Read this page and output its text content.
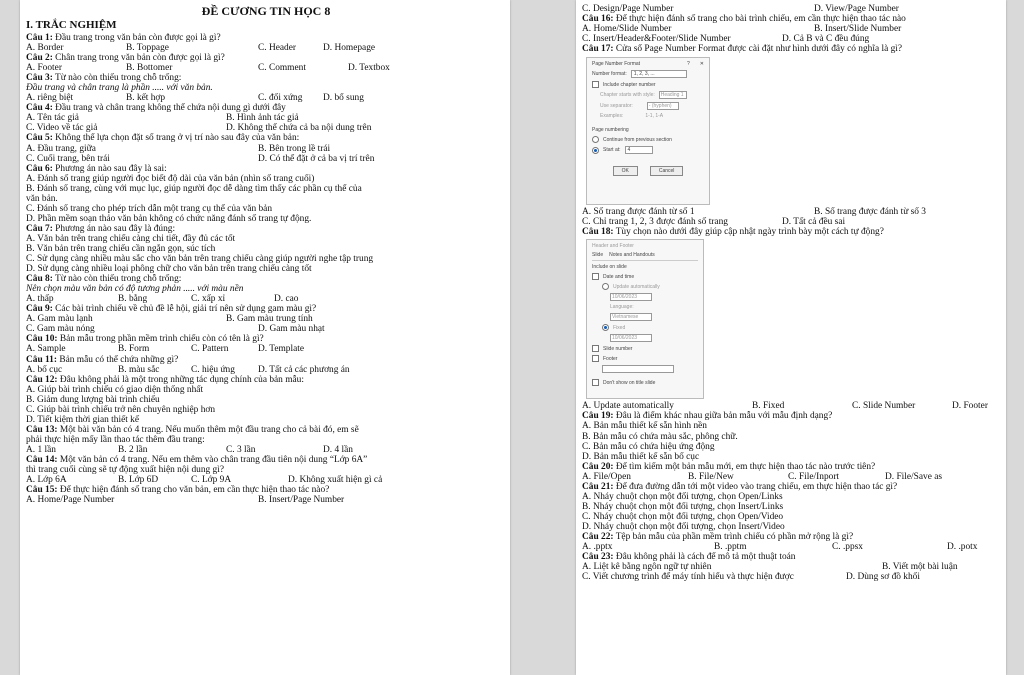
ĐỀ CƯƠNG TIN HỌC 8
I. TRẮC NGHIỆM
Câu 1: Đầu trang trong văn bản còn được gọi là gì?
A. Border	B. Toppage	C. Header	D. Homepage
Câu 2: Chân trang trong văn bản còn được gọi là gì?
A. Footer	B. Bottomer	C. Comment	D. Textbox
Câu 3: Từ nào còn thiếu trong chỗ trống:
Đầu trang và chân trang là phần ..... với văn bản.
A. riêng biệt	B. kết hợp	C. đối xứng D. bổ sung
Câu 4: Đầu trang và chân trang không thể chứa nội dung gì dưới đây
A. Tên tác giả	B. Hình ảnh tác giả
C. Video về tác giả	D. Không thể chứa cả ba nội dung trên
Câu 5: Không thể lựa chọn đặt số trang ở vị trí nào sau đây của văn bản:
A. Đầu trang, giữa	B. Bên trong lề trái
C. Cuối trang, bên trái	D. Có thể đặt ở cả ba vị trí trên
Câu 6: Phương án nào sau đây là sai:
A. Đánh số trang giúp người đọc biết độ dài của văn bản (nhìn số trang cuối)
B. Đánh số trang, cùng với mục lục, giúp người đọc dễ dàng tìm thấy các phần cụ thể của
văn bản.
C. Đánh số trang cho phép trích dẫn một trang cụ thể của văn bản
D. Phần mềm soạn thảo văn bản không có chức năng đánh số trang tự động.
Câu 7: Phương án nào sau đây là đúng:
A. Văn bản trên trang chiếu càng chi tiết, đầy đủ các tốt
B. Văn bản trên trang chiếu cần ngắn gọn, súc tích
C. Sử dụng càng nhiều màu sắc cho văn bản trên trang chiếu càng giúp người nghe tập trung
D. Sử dụng càng nhiều loại phông chữ cho văn bản trên trang chiếu càng tốt
Câu 8: Từ nào còn thiếu trong chỗ trống:
Nên chọn màu văn bản có độ tương phản ..... với màu nền
A. thấp	B. bằng	C. xấp xỉ	D. cao
Câu 9: Các bài trình chiếu về chủ đề lễ hội, giải trí nên sử dụng gam màu gì?
A. Gam màu lạnh	B. Gam màu trung tính
C. Gam màu nóng	D. Gam màu nhạt
Câu 10: Bản mẫu trong phần mềm trình chiếu còn có tên là gì?
A. Sample	B. Form	C. Pattern	D. Template
Câu 11: Bản mẫu có thể chứa những gì?
A. bố cục	B. màu sắc	C. hiệu ứng D. Tất cả các phương án
Câu 12: Đâu không phải là một trong những tác dụng chính của bản mẫu:
A. Giúp bài trình chiếu có giao diện thống nhất
B. Giảm dung lượng bài trình chiếu
C. Giúp bài trình chiếu trở nên chuyên nghiệp hơn
D. Tiết kiệm thời gian thiết kế
Câu 13: Một bài văn bản có 4 trang. Nếu muốn thêm một đầu trang cho cả bài đó, em sẽ
phải thực hiện mấy lần thao tác thêm đầu trang:
A. 1 lần	B. 2 lần	C. 3 lần	D. 4 lần
Câu 14: Một văn bản có 4 trang. Nếu em thêm vào chân trang đầu tiên nội dung “Lớp 6A”
thì trang cuối cùng sẽ tự động xuất hiện nội dung gì?
A. Lớp 6A	B. Lớp 6D	C. Lớp 9A	D. Không xuất hiện gì cả
Câu 15: Để thực hiện đánh số trang cho văn bản, em cần thực hiện thao tác nào?
A. Home/Page Number	B. Insert/Page Number
C. Design/Page Number	D. View/Page Number
Câu 16: Để thực hiện đánh số trang cho bài trình chiếu, em cần thực hiện thao tác nào
A. Home/Slide Number	B. Insert/Slide Number
C. Insert/Header&Footer/Slide Number	D. Cả B và C đều đúng
Câu 17: Cửa sổ Page Number Format được cài đặt như hình dưới đây có nghĩa là gì?
Page Number Format	? ✕
Number format:	1, 2, 3, ...
Include chapter number
Chapter starts with style:	Heading 1
Use separator:	- (hyphen)
Examples:	1-1, 1-A
Page numbering
Continue from previous section
Start at:	4
OK	Cancel
A. Số trang được đánh từ số 1	B. Số trang được đánh từ số 3
C. Chỉ trang 1, 2, 3 được đánh số trang	D. Tất cả đều sai
Câu 18: Tùy chọn nào dưới đây giúp cập nhật ngày trình bày một cách tự động?
Header and Footer
Slide Notes and Handouts
Include on slide
Date and time
Update automatically
10/06/2023
Language:
Vietnamese
Fixed
10/06/2023
Slide number
Footer
Don't show on title slide
A. Update automatically	B. Fixed	C. Slide Number	D. Footer
Câu 19: Đâu là điểm khác nhau giữa bản mẫu với mẫu định dạng?
A. Bản mẫu thiết kế sẵn hình nền
B. Bản mẫu có chứa màu sắc, phông chữ.
C. Bản mẫu có chứa hiệu ứng động
D. Bản mẫu thiết kế sẵn bố cục
Câu 20: Để tìm kiếm một bản mẫu mới, em thực hiện thao tác nào trước tiên?
A. File/Open	B. File/New	C. File/Inport	D. File/Save as
Câu 21: Để đưa đường dẫn tới một video vào trang chiếu, em thực hiện thao tác gì?
A. Nháy chuột chọn một đối tượng, chọn Open/Links
B. Nháy chuột chọn một đối tượng, chọn Insert/Links
C. Nháy chuột chọn một đối tượng, chọn Open/Video
D. Nháy chuột chọn một đối tượng, chọn Insert/Video
Câu 22: Tệp bản mẫu của phần mềm trình chiếu có phần mở rộng là gì?
A. .pptx	B. .pptm	C. .ppsx	D. .potx
Câu 23: Đâu không phải là cách để mô tả một thuật toán
A. Liệt kê bằng ngôn ngữ tự nhiên	B. Viết một bài luận
C. Viết chương trình để máy tính hiểu và thực hiện được	D. Dùng sơ đồ khối
